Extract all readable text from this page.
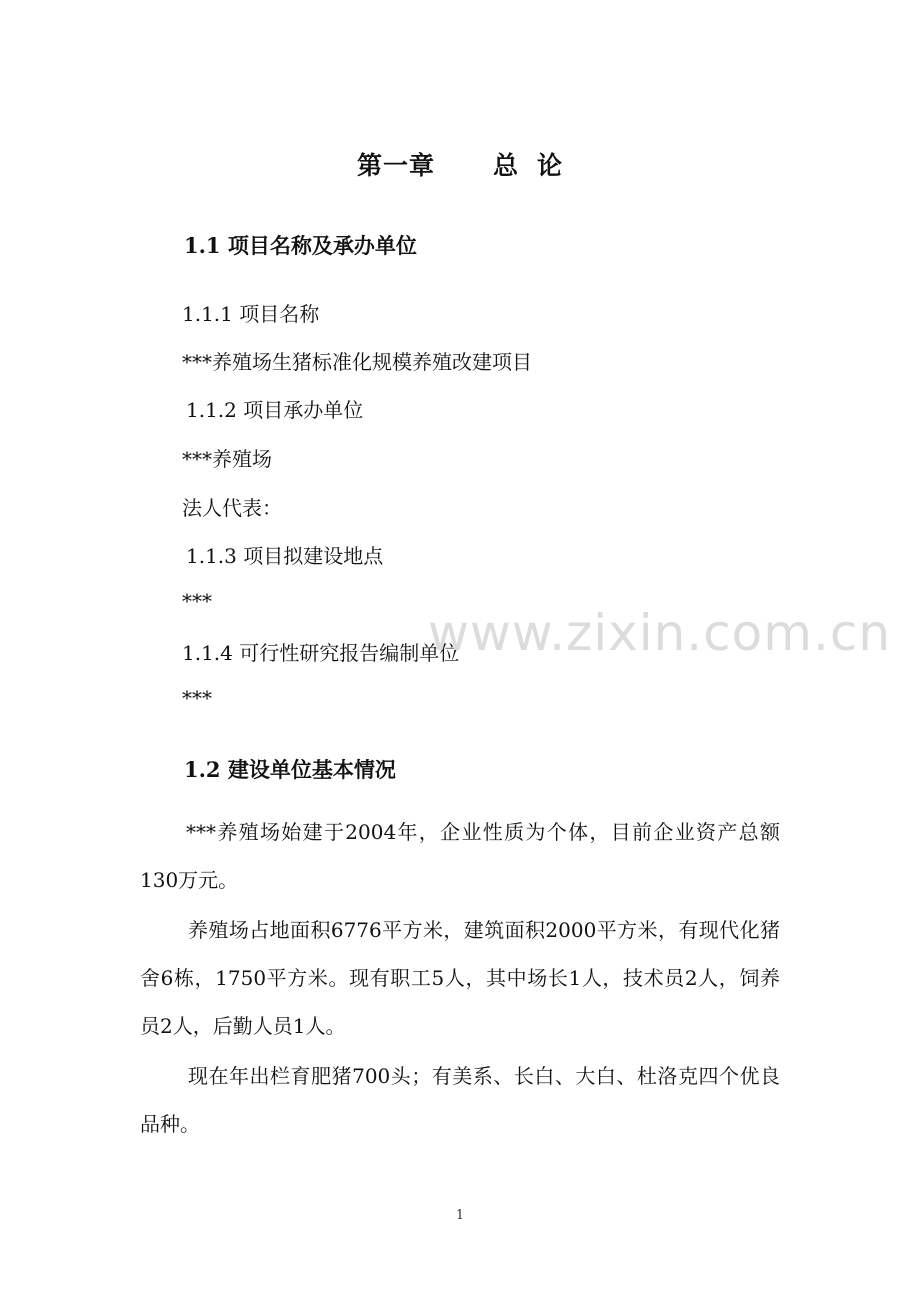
第一章 总 论
1.1 项目名称及承办单位
1.1.1 项目名称
***养殖场生猪标准化规模养殖改建项目
1.1.2 项目承办单位
***养殖场
法人代表：
1.1.3 项目拟建设地点
***
1.1.4 可行性研究报告编制单位
***
1.2 建设单位基本情况
***养殖场始建于2004年，企业性质为个体，目前企业资产总额130万元。
养殖场占地面积6776平方米，建筑面积2000平方米，有现代化猪舍6栋，1750平方米。现有职工5人，其中场长1人，技术员2人，饲养员2人，后勤人员1人。
现在年出栏育肥猪700头；有美系、长白、大白、杜洛克四个优良品种。
www.zixin.com.cn
1
